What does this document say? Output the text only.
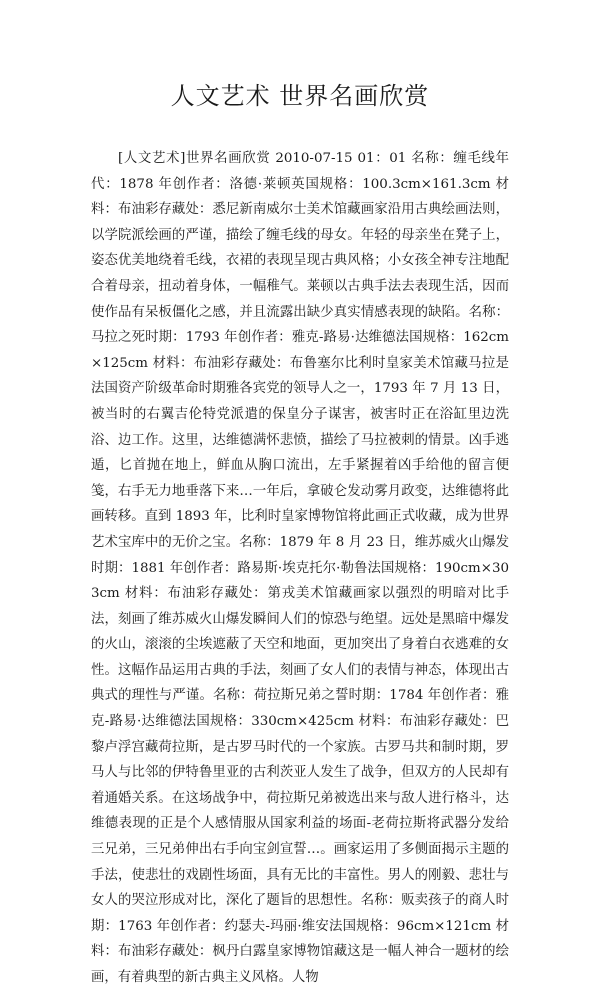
人文艺术 世界名画欣赏

[人文艺术]世界名画欣赏 2010-07-15 01：01 名称：缠毛线年代：1878 年创作者：洛德·莱顿英国规格：100.3cm×161.3cm 材料：布油彩存藏处：悉尼新南威尔士美术馆藏画家沿用古典绘画法则，以学院派绘画的严谨，描绘了缠毛线的母女。年轻的母亲坐在凳子上，姿态优美地绕着毛线，衣裙的表现呈现古典风格；小女孩全神专注地配合着母亲，扭动着身体，一幅稚气。莱顿以古典手法去表现生活，因而使作品有呆板僵化之感，并且流露出缺少真实情感表现的缺陷。名称：马拉之死时期：1793 年创作者：雅克-路易·达维德法国规格：162cm×125cm 材料：布油彩存藏处：布鲁塞尔比利时皇家美术馆藏马拉是法国资产阶级革命时期雅各宾党的领导人之一，1793 年 7 月 13 日，被当时的右翼吉伦特党派遣的保皇分子谋害，被害时正在浴缸里边洗浴、边工作。这里，达维德满怀悲愤，描绘了马拉被刺的情景。凶手逃遁，匕首抛在地上，鲜血从胸口流出，左手紧握着凶手给他的留言便笺，右手无力地垂落下来…一年后，拿破仑发动雾月政变，达维德将此画转移。直到 1893 年，比利时皇家博物馆将此画正式收藏，成为世界艺术宝库中的无价之宝。名称：1879 年 8 月 23 日，维苏威火山爆发时期：1881 年创作者：路易斯·埃克托尔·勒鲁法国规格：190cm×303cm 材料：布油彩存藏处：第戎美术馆藏画家以强烈的明暗对比手法，刻画了维苏威火山爆发瞬间人们的惊恐与绝望。远处是黑暗中爆发的火山，滚滚的尘埃遮蔽了天空和地面，更加突出了身着白衣逃难的女性。这幅作品运用古典的手法，刻画了女人们的表情与神态，体现出古典式的理性与严谨。名称：荷拉斯兄弟之誓时期：1784 年创作者：雅克-路易·达维德法国规格：330cm×425cm 材料：布油彩存藏处：巴黎卢浮宫藏荷拉斯，是古罗马时代的一个家族。古罗马共和制时期，罗马人与比邻的伊特鲁里亚的古利茨亚人发生了战争，但双方的人民却有着通婚关系。在这场战争中，荷拉斯兄弟被选出来与敌人进行格斗，达维德表现的正是个人感情服从国家利益的场面-老荷拉斯将武器分发给三兄弟，三兄弟伸出右手向宝剑宣誓…。画家运用了多侧面揭示主题的手法，使悲壮的戏剧性场面，具有无比的丰富性。男人的刚毅、悲壮与女人的哭泣形成对比，深化了题旨的思想性。名称：贩卖孩子的商人时期：1763 年创作者：约瑟夫-玛丽·维安法国规格：96cm×121cm 材料：布油彩存藏处：枫丹白露皇家博物馆藏这是一幅人神合一题材的绘画，有着典型的新古典主义风格。人物
